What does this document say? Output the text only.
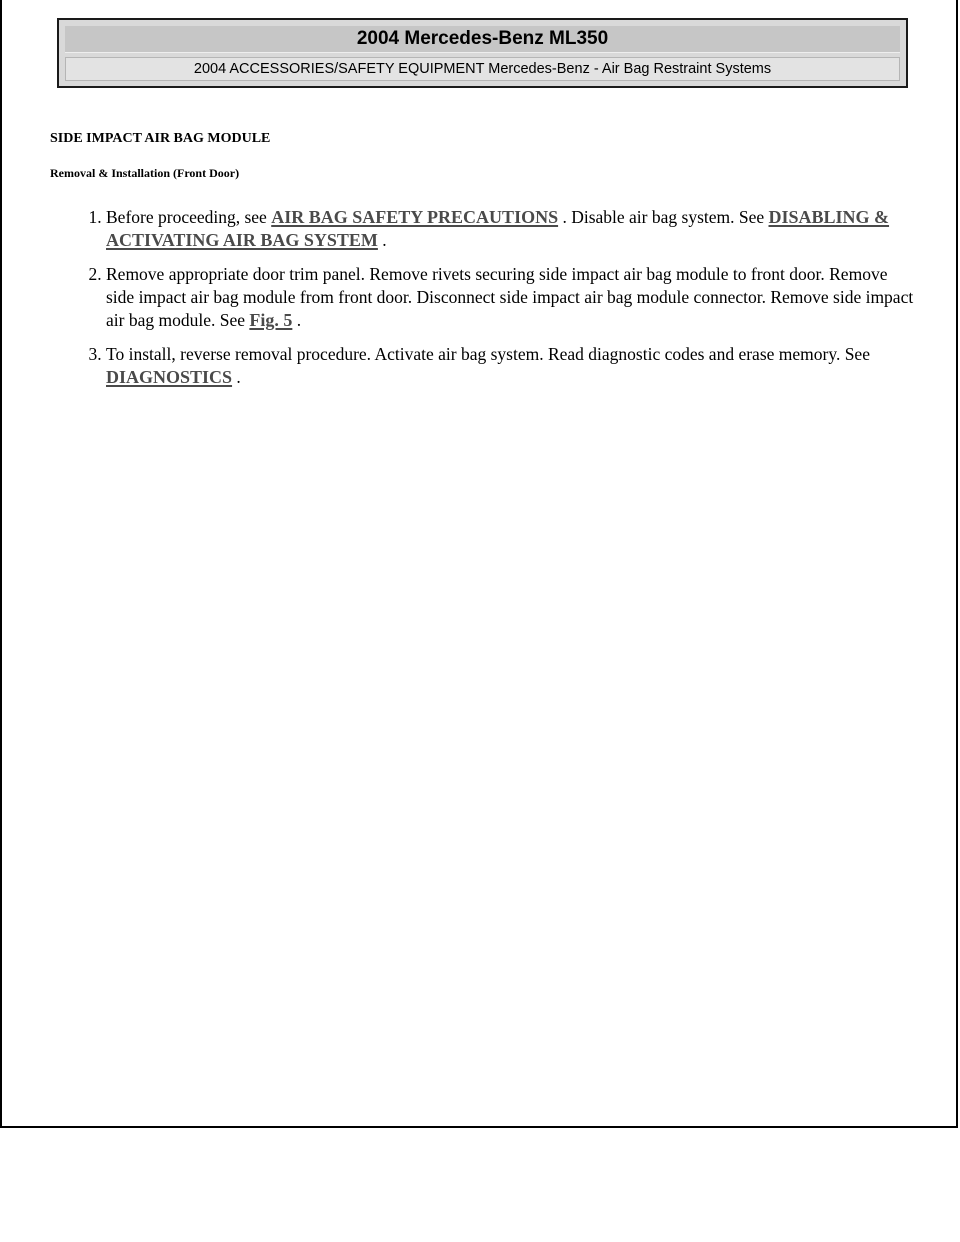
2004 Mercedes-Benz ML350
2004 ACCESSORIES/SAFETY EQUIPMENT Mercedes-Benz - Air Bag Restraint Systems
SIDE IMPACT AIR BAG MODULE
Removal & Installation (Front Door)
1. Before proceeding, see AIR BAG SAFETY PRECAUTIONS . Disable air bag system. See DISABLING & ACTIVATING AIR BAG SYSTEM .
2. Remove appropriate door trim panel. Remove rivets securing side impact air bag module to front door. Remove side impact air bag module from front door. Disconnect side impact air bag module connector. Remove side impact air bag module. See Fig. 5 .
3. To install, reverse removal procedure. Activate air bag system. Read diagnostic codes and erase memory. See DIAGNOSTICS .
